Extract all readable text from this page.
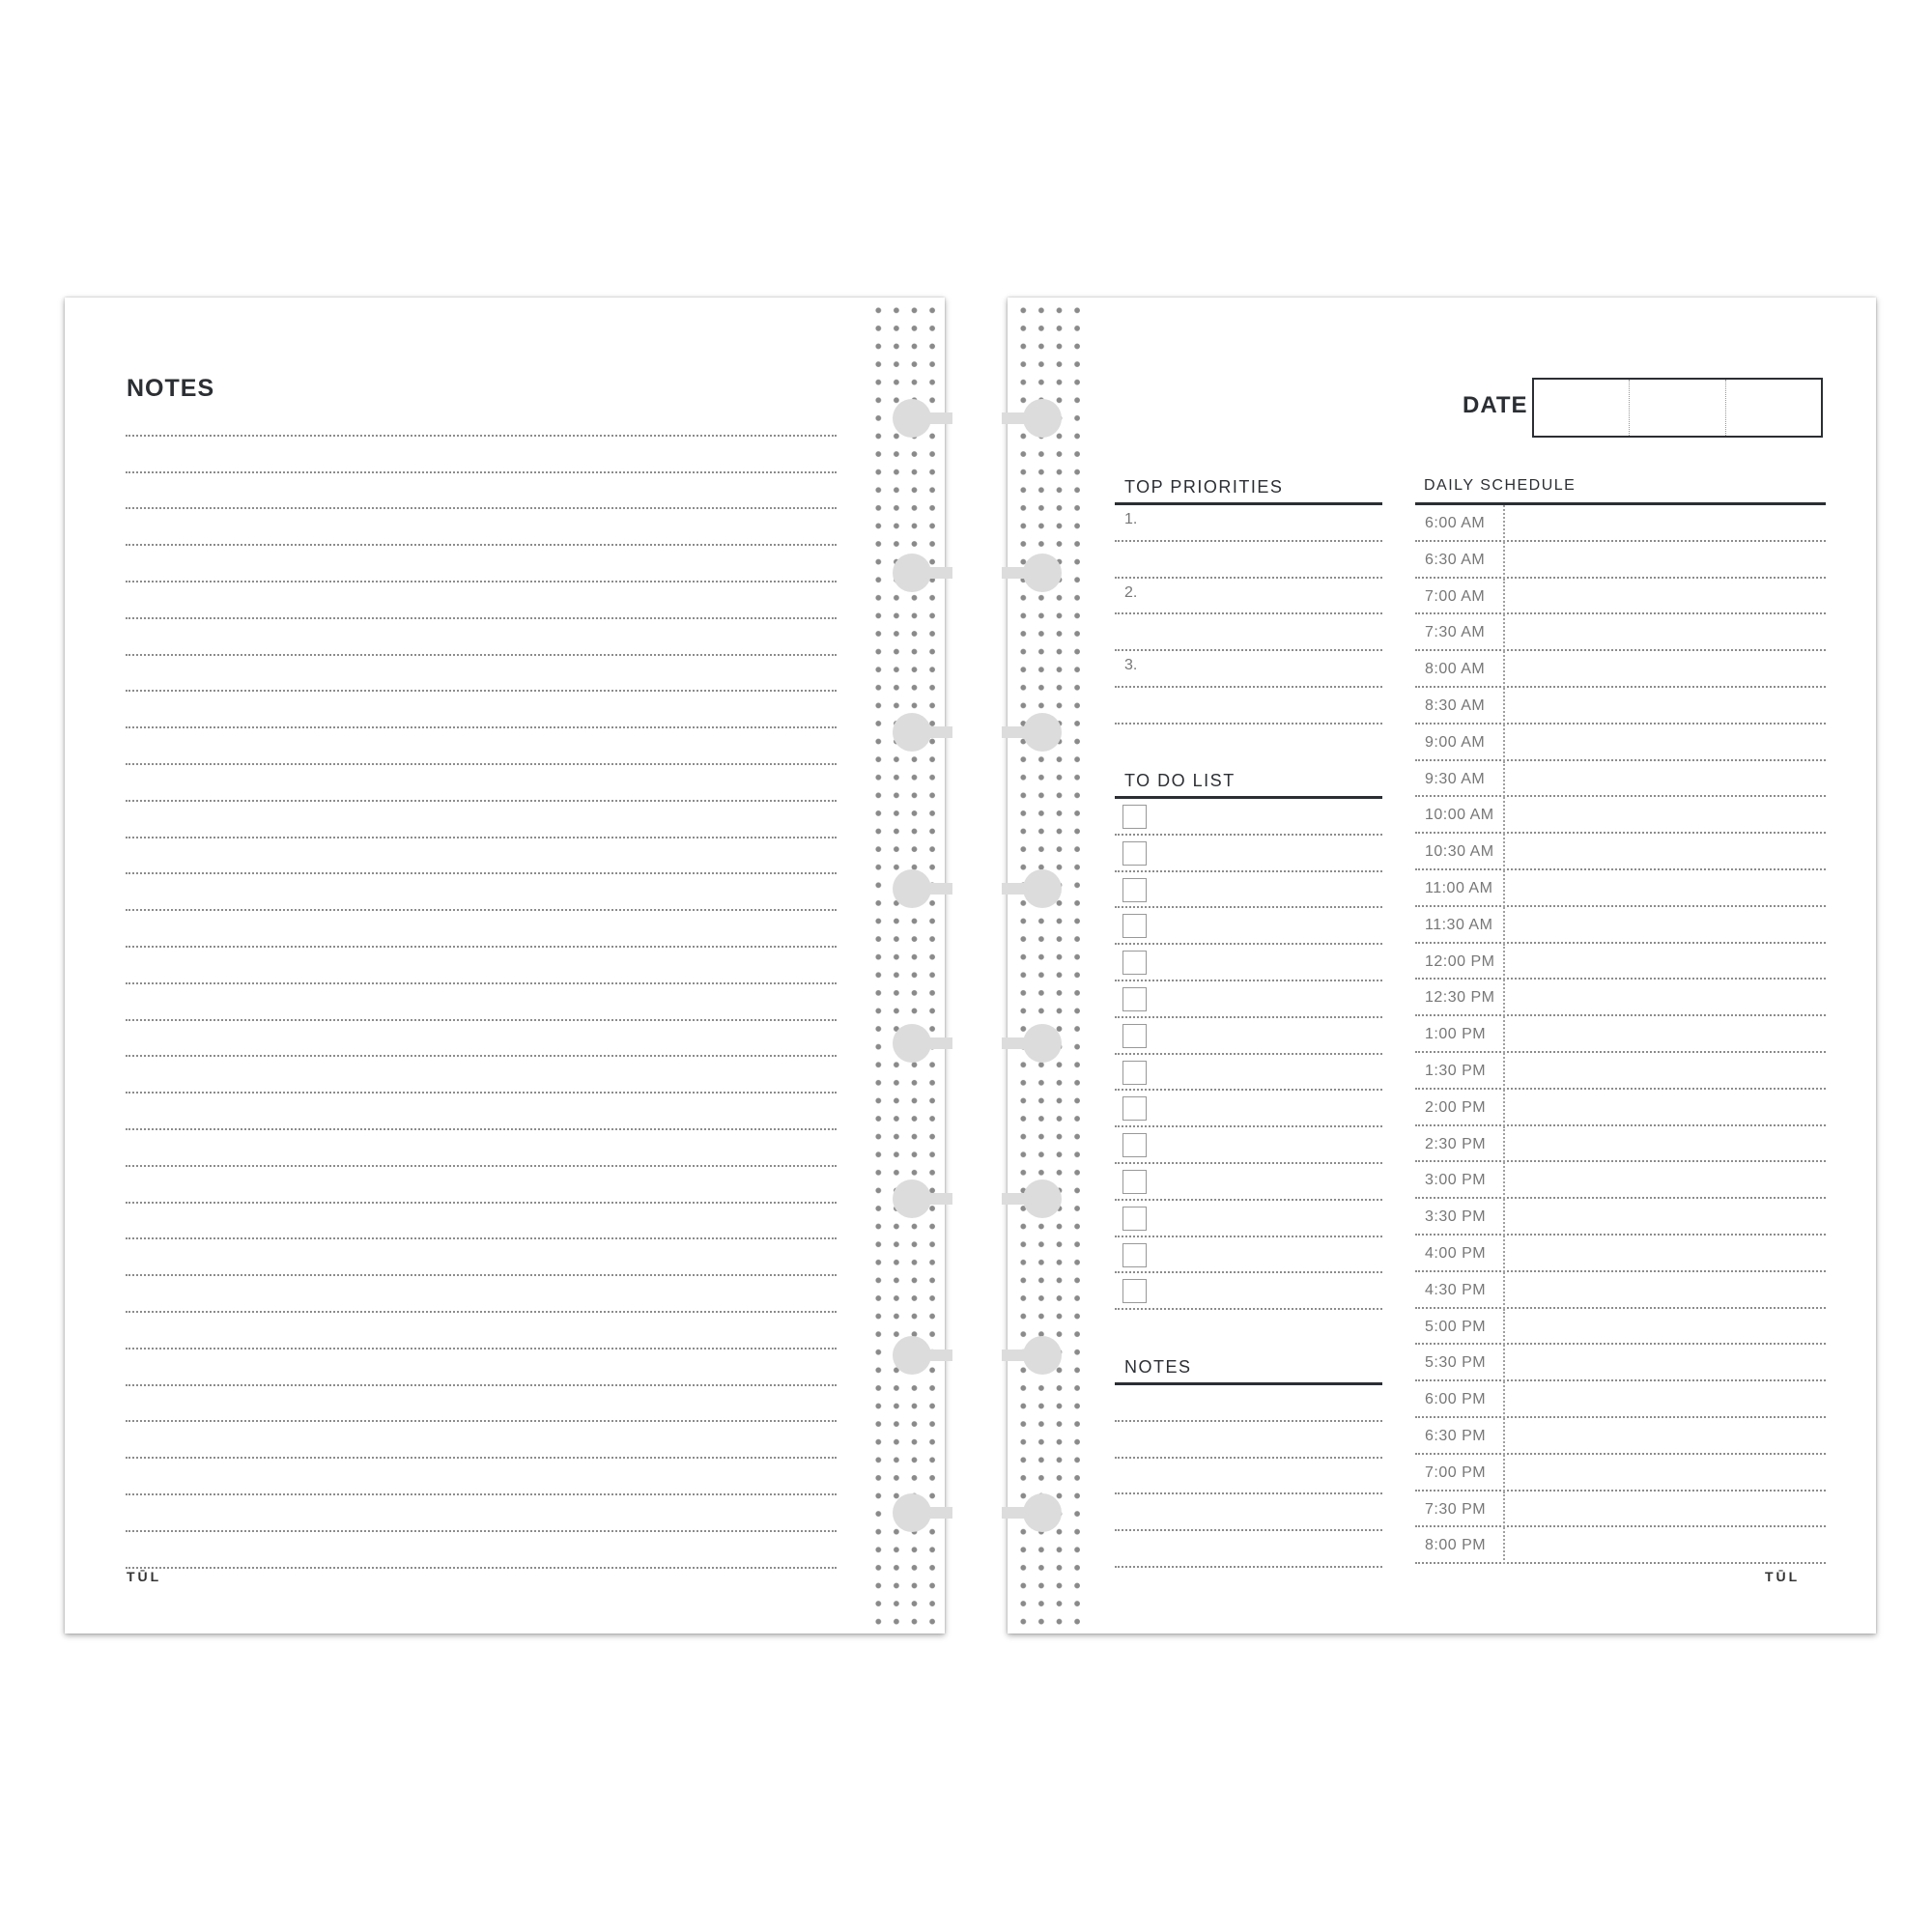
NOTES
TŪL
DATE
TOP PRIORITIES
1.
2.
3.
TO DO LIST
NOTES
DAILY SCHEDULE
6:00 AM
6:30 AM
7:00 AM
7:30 AM
8:00 AM
8:30 AM
9:00 AM
9:30 AM
10:00 AM
10:30 AM
11:00 AM
11:30 AM
12:00 PM
12:30 PM
1:00 PM
1:30 PM
2:00 PM
2:30 PM
3:00 PM
3:30 PM
4:00 PM
4:30 PM
5:00 PM
5:30 PM
6:00 PM
6:30 PM
7:00 PM
7:30 PM
8:00 PM
TŪL
